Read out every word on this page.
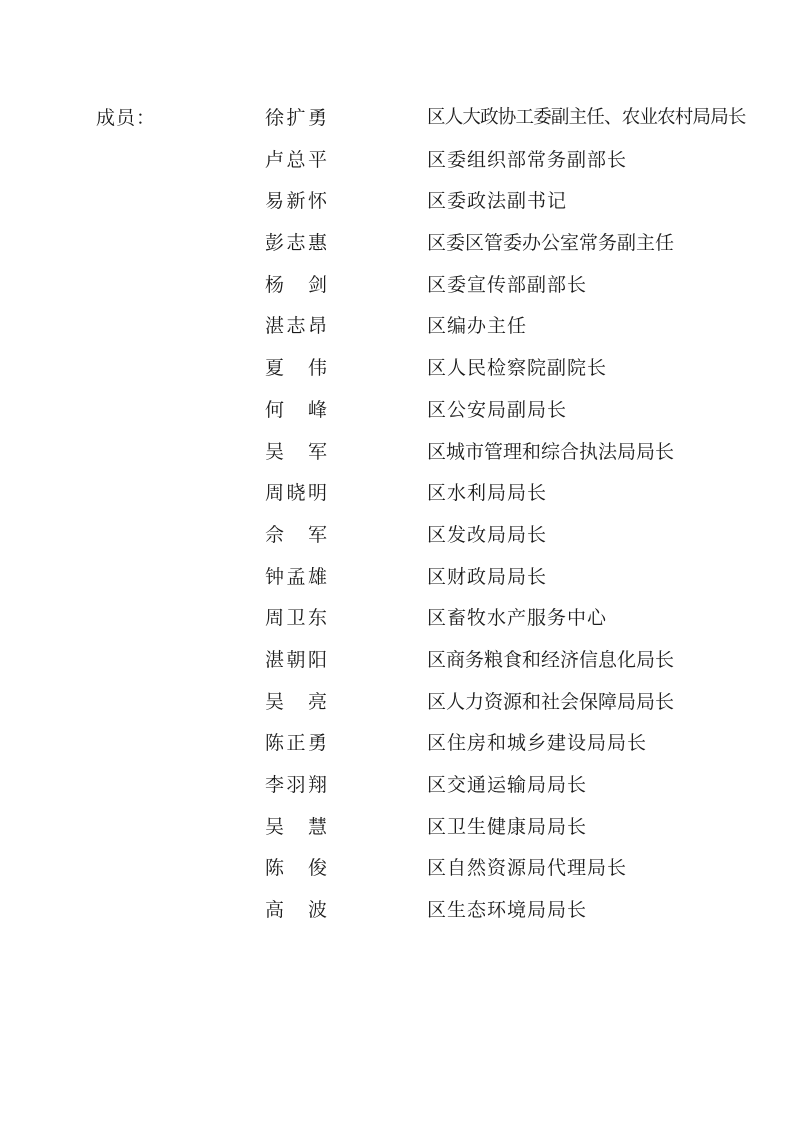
成员：	徐 扩 勇	区人大政协工委副主任、农业农村局局长
卢 总 平	区委组织部常务副部长
易 新 怀	区委政法副书记
彭 志 惠	区委区管委办公室常务副主任
杨 剑	区委宣传部副部长
湛 志 昂	区编办主任
夏 伟	区人民检察院副院长
何 峰	区公安局副局长
吴 军	区城市管理和综合执法局局长
周 晓 明	区水利局局长
佘 军	区发改局局长
钟 孟 雄	区财政局局长
周 卫 东	区畜牧水产服务中心
湛 朝 阳	区商务粮食和经济信息化局长
吴 亮	区人力资源和社会保障局局长
陈 正 勇	区住房和城乡建设局局长
李 羽 翔	区交通运输局局长
吴 慧	区卫生健康局局长
陈 俊	区自然资源局代理局长
高 波	区生态环境局局长
